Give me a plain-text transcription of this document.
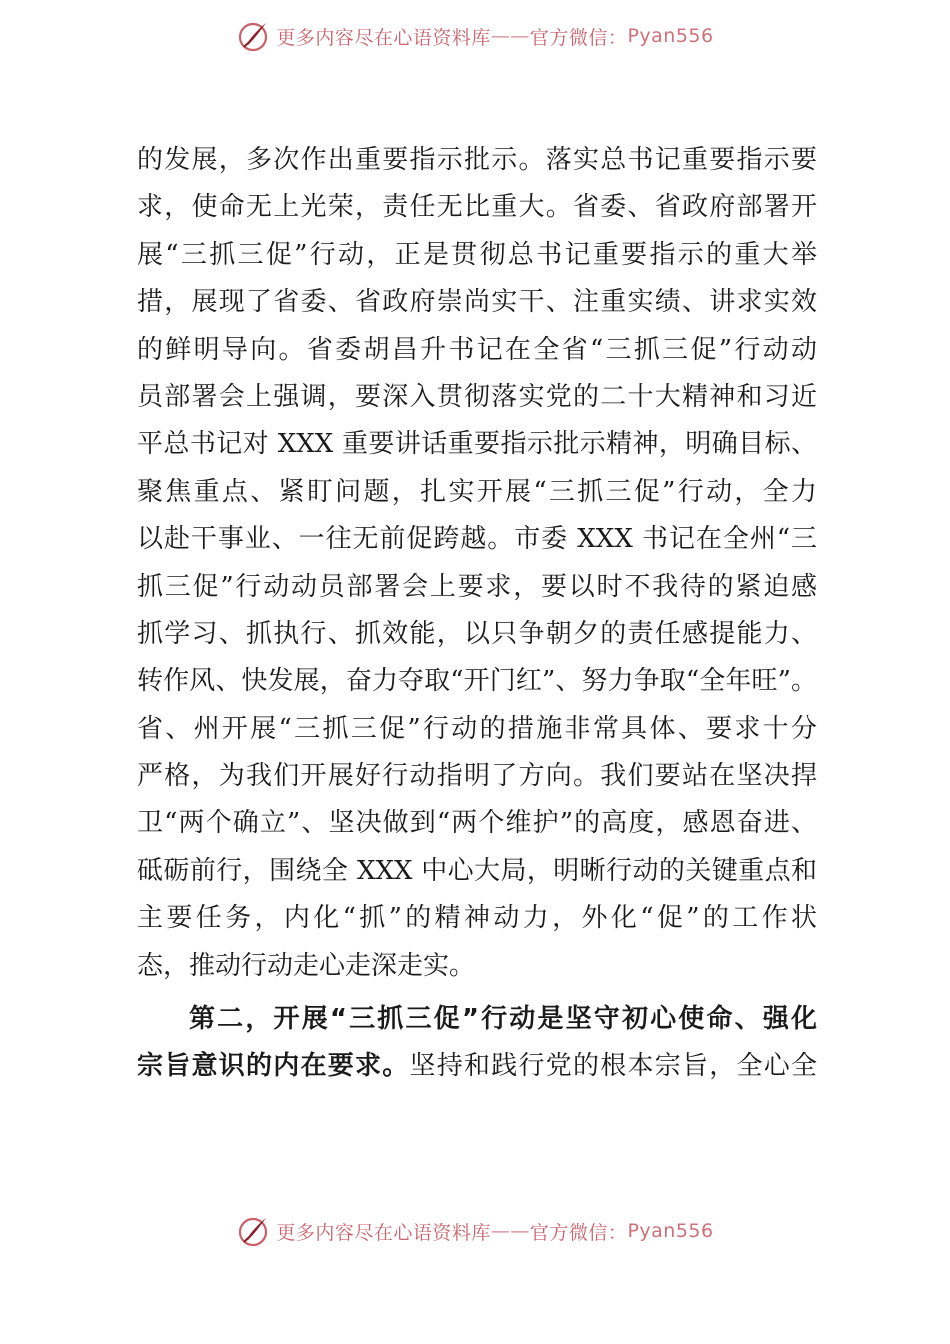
更多内容尽在心语资料库 —— 官方微信： Pyan556
的发展，多次作出重要指示批示。落实总书记重要指示要
求，使命无上光荣，责任无比重大。省委、省政府部署开
展“三抓三促”行动，正是贯彻总书记重要指示的重大举
措，展现了省委、省政府崇尚实干、注重实绩、讲求实效
的鲜明导向。省委胡昌升书记在全省“三抓三促”行动动
员部署会上强调，要深入贯彻落实党的二十大精神和习近
平总书记对 XXX 重要讲话重要指示批示精神，明确目标、
聚焦重点、紧盯问题，扎实开展“三抓三促”行动，全力
以赴干事业、一往无前促跨越。市委 XXX 书记在全州“三
抓三促”行动动员部署会上要求，要以时不我待的紧迫感
抓学习、抓执行、抓效能，以只争朝夕的责任感提能力、
转作风、快发展，奋力夺取“开门红”、努力争取“全年旺”。
省、州开展“三抓三促”行动的措施非常具体、要求十分
严格，为我们开展好行动指明了方向。我们要站在坚决捍
卫“两个确立”、坚决做到“两个维护”的高度，感恩奋进、
砥砺前行，围绕全 XXX 中心大局，明晰行动的关键重点和
主要任务，内化“抓”的精神动力，外化“促”的工作状
态，推动行动走心走深走实。
第二，开展“三抓三促”行动是坚守初心使命、强化
宗旨意识的内在要求。坚持和践行党的根本宗旨，全心全
更多内容尽在心语资料库 —— 官方微信： Pyan556
